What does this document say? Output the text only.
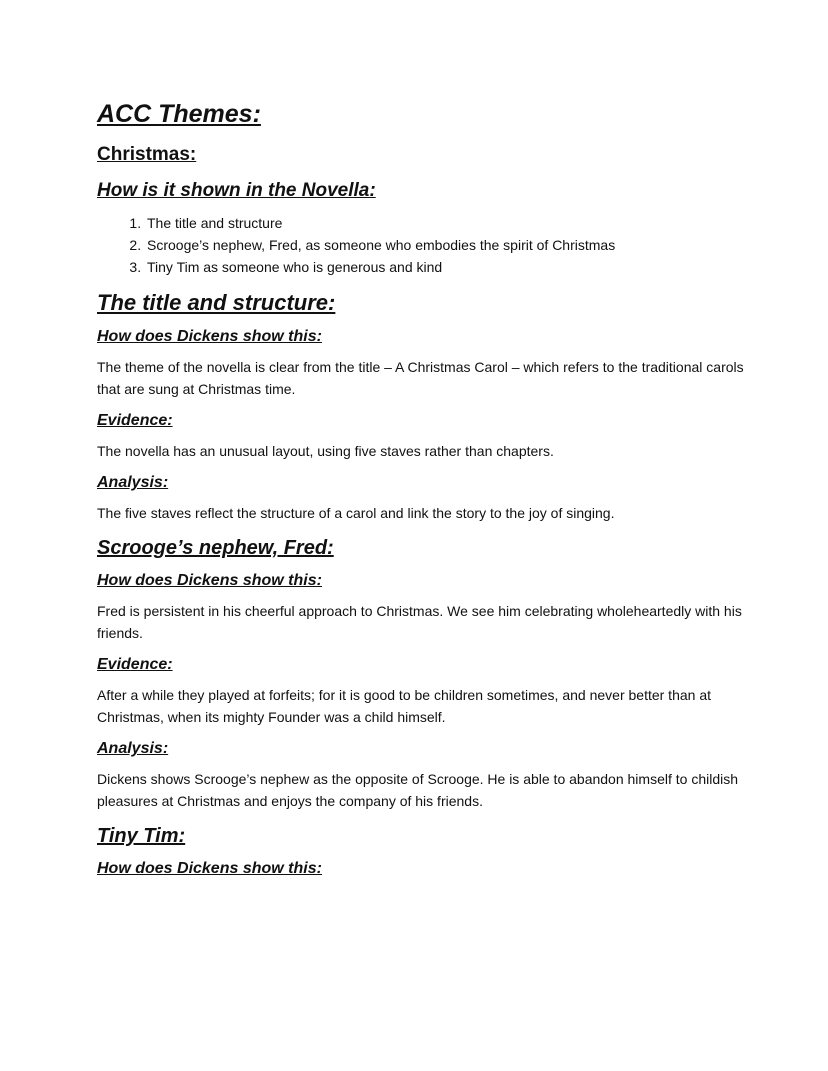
ACC Themes:
Christmas:
How is it shown in the Novella:
1. The title and structure
2. Scrooge’s nephew, Fred, as someone who embodies the spirit of Christmas
3. Tiny Tim as someone who is generous and kind
The title and structure:
How does Dickens show this:
The theme of the novella is clear from the title – A Christmas Carol – which refers to the traditional carols that are sung at Christmas time.
Evidence:
The novella has an unusual layout, using five staves rather than chapters.
Analysis:
The five staves reflect the structure of a carol and link the story to the joy of singing.
Scrooge’s nephew, Fred:
How does Dickens show this:
Fred is persistent in his cheerful approach to Christmas. We see him celebrating wholeheartedly with his friends.
Evidence:
After a while they played at forfeits; for it is good to be children sometimes, and never better than at Christmas, when its mighty Founder was a child himself.
Analysis:
Dickens shows Scrooge’s nephew as the opposite of Scrooge. He is able to abandon himself to childish pleasures at Christmas and enjoys the company of his friends.
Tiny Tim:
How does Dickens show this:
